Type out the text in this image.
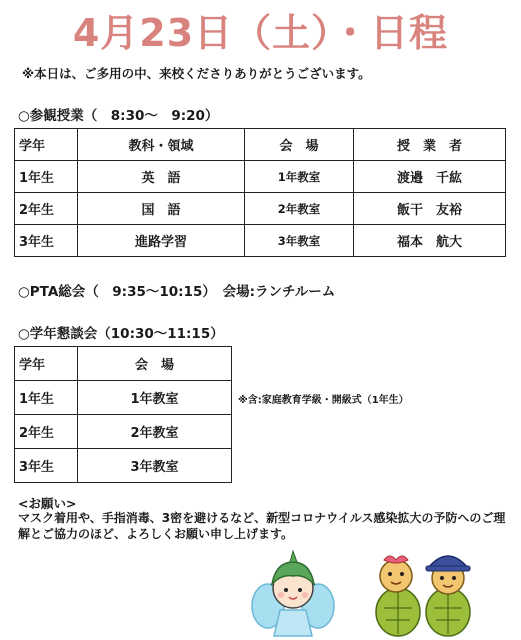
4月23日（土）・日程
※本日は、ご多用の中、来校くださりありがとうございます。
○参観授業（　8:30～　9:20）
学年	教科・領域	会　場	授　業　者
1年生	英　語	1年教室	渡邉　千紘
2年生	国　語	2年教室	飯干　友裕
3年生	進路学習	3年教室	福本　航大
○PTA総会（　9:35～10:15）　会場:ランチルーム
○学年懇談会（10:30～11:15）
学年	会　場
1年生	1年教室
2年生	2年教室
3年生	3年教室
※含:家庭教育学級・開級式（1年生）
<お願い>
マスク着用や、手指消毒、3密を避けるなど、新型コロナウイルス感染拡大の予防へのご理解とご協力のほど、よろしくお願い申し上げます。
